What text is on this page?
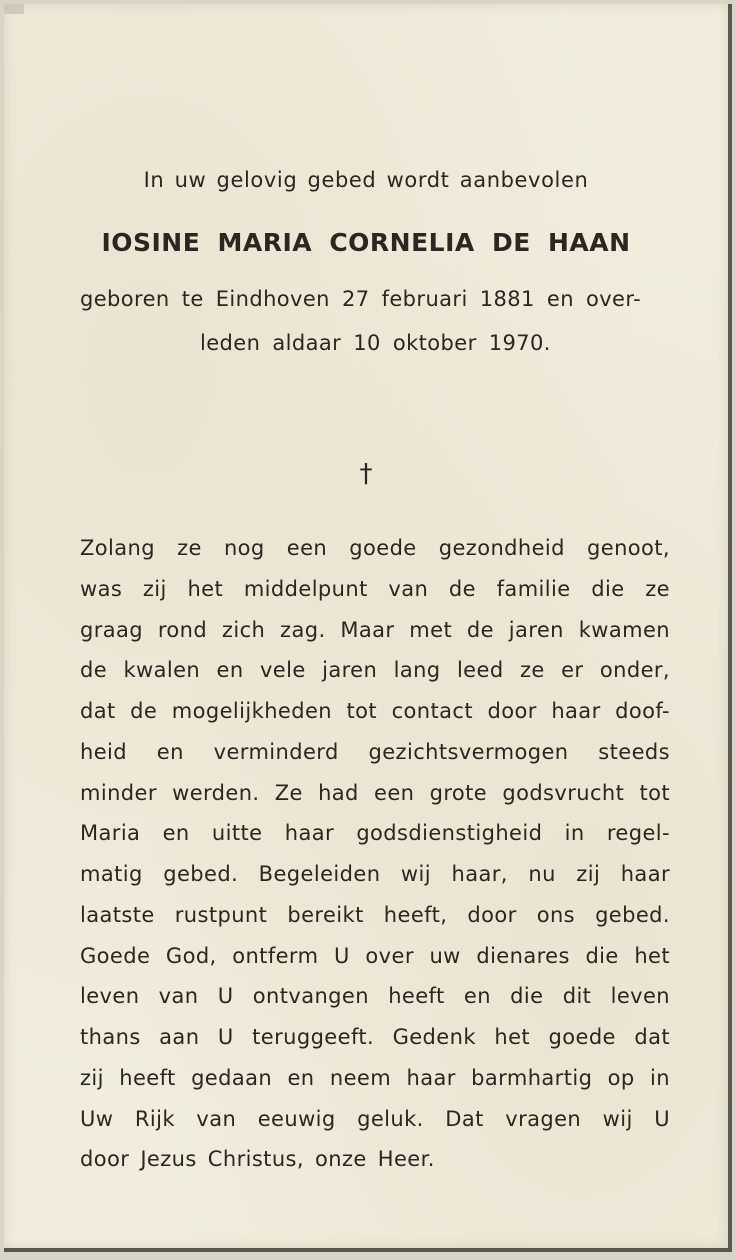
In uw gelovig gebed wordt aanbevolen
IOSINE MARIA CORNELIA DE HAAN
geboren te Eindhoven 27 februari 1881 en over-
leden aldaar 10 oktober 1970.
†
Zolang ze nog een goede gezondheid genoot,
was zij het middelpunt van de familie die ze
graag rond zich zag. Maar met de jaren kwamen
de kwalen en vele jaren lang leed ze er onder,
dat de mogelijkheden tot contact door haar doof-
heid en verminderd gezichtsvermogen steeds
minder werden. Ze had een grote godsvrucht tot
Maria en uitte haar godsdienstigheid in regel-
matig gebed. Begeleiden wij haar, nu zij haar
laatste rustpunt bereikt heeft, door ons gebed.
Goede God, ontferm U over uw dienares die het
leven van U ontvangen heeft en die dit leven
thans aan U teruggeeft. Gedenk het goede dat
zij heeft gedaan en neem haar barmhartig op in
Uw Rijk van eeuwig geluk. Dat vragen wij U
door Jezus Christus, onze Heer.
